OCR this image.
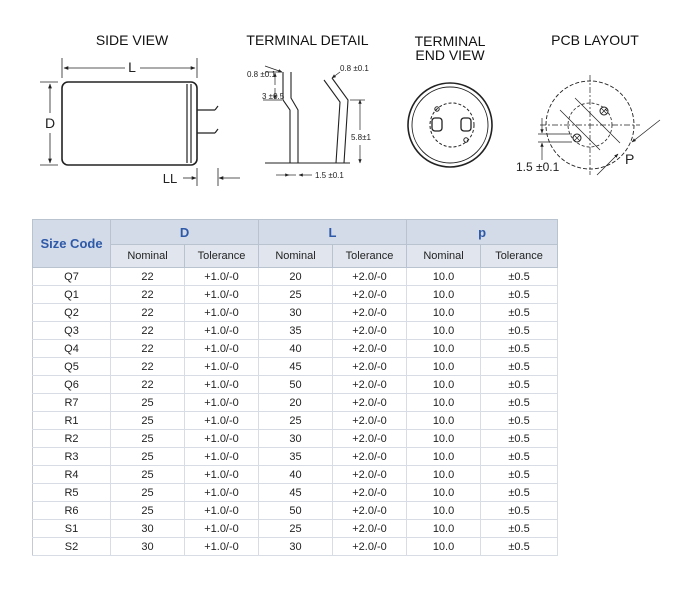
SIDE VIEW	TERMINAL DETAIL	TERMINAL
END VIEW
PCB LAYOUT
L
D
LL
0.8 ±0.1
0.8 ±0.1
3 ±0.5
5.8±1
1.5 ±0.1
1.5 ±0.1	P
Size Code	D		L		p	
	Nominal	Tolerance	Nominal	Tolerance	Nominal	Tolerance
Q7	22	+1.0/-0	20	+2.0/-0	10.0	±0.5
Q1	22	+1.0/-0	25	+2.0/-0	10.0	±0.5
Q2	22	+1.0/-0	30	+2.0/-0	10.0	±0.5
Q3	22	+1.0/-0	35	+2.0/-0	10.0	±0.5
Q4	22	+1.0/-0	40	+2.0/-0	10.0	±0.5
Q5	22	+1.0/-0	45	+2.0/-0	10.0	±0.5
Q6	22	+1.0/-0	50	+2.0/-0	10.0	±0.5
R7	25	+1.0/-0	20	+2.0/-0	10.0	±0.5
R1	25	+1.0/-0	25	+2.0/-0	10.0	±0.5
R2	25	+1.0/-0	30	+2.0/-0	10.0	±0.5
R3	25	+1.0/-0	35	+2.0/-0	10.0	±0.5
R4	25	+1.0/-0	40	+2.0/-0	10.0	±0.5
R5	25	+1.0/-0	45	+2.0/-0	10.0	±0.5
R6	25	+1.0/-0	50	+2.0/-0	10.0	±0.5
S1	30	+1.0/-0	25	+2.0/-0	10.0	±0.5
S2	30	+1.0/-0	30	+2.0/-0	10.0	±0.5
